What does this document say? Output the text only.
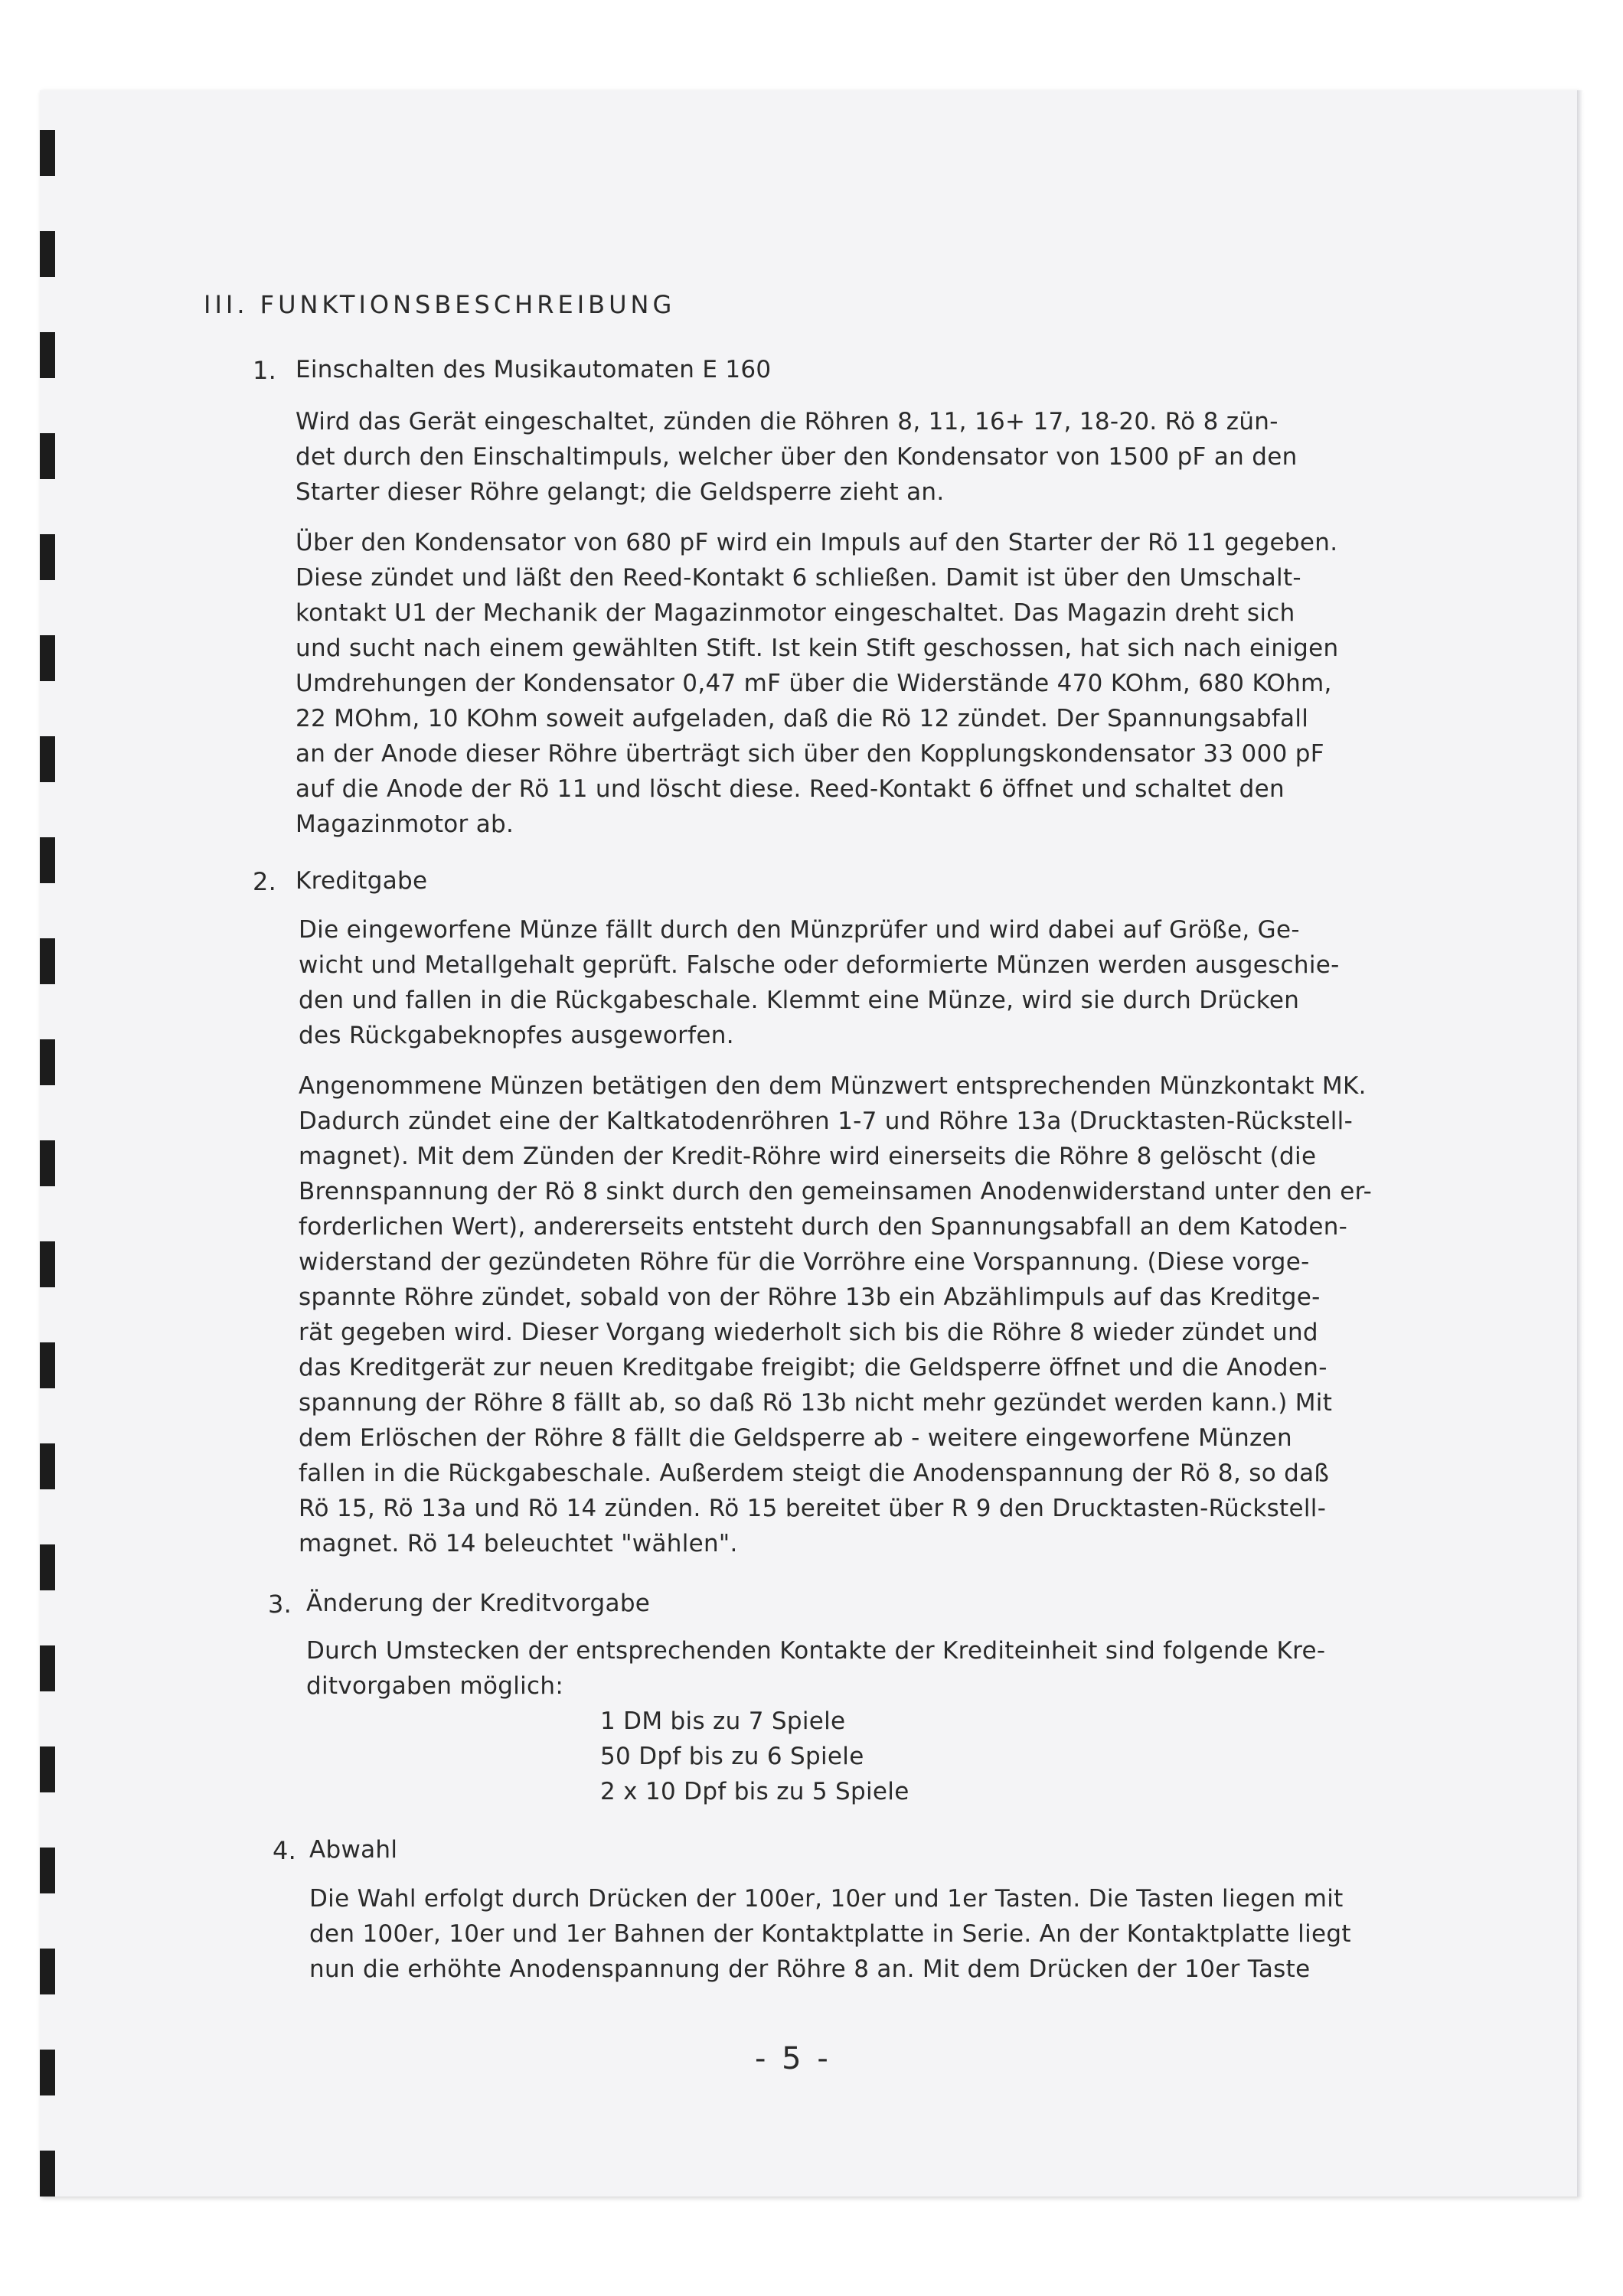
III. FUNKTIONSBESCHREIBUNG
1. Einschalten des Musikautomaten E 160
Wird das Gerät eingeschaltet, zünden die Röhren 8, 11, 16+ 17, 18-20. Rö 8 zün-
det durch den Einschaltimpuls, welcher über den Kondensator von 1500 pF an den
Starter dieser Röhre gelangt; die Geldsperre zieht an.
Über den Kondensator von 680 pF wird ein Impuls auf den Starter der Rö 11 gegeben.
Diese zündet und läßt den Reed-Kontakt 6 schließen. Damit ist über den Umschalt-
kontakt U1 der Mechanik der Magazinmotor eingeschaltet. Das Magazin dreht sich
und sucht nach einem gewählten Stift. Ist kein Stift geschossen, hat sich nach einigen
Umdrehungen der Kondensator 0,47 mF über die Widerstände 470 KOhm, 680 KOhm,
22 MOhm, 10 KOhm soweit aufgeladen, daß die Rö 12 zündet. Der Spannungsabfall
an der Anode dieser Röhre überträgt sich über den Kopplungskondensator 33 000 pF
auf die Anode der Rö 11 und löscht diese. Reed-Kontakt 6 öffnet und schaltet den
Magazinmotor ab.
2. Kreditgabe
Die eingeworfene Münze fällt durch den Münzprüfer und wird dabei auf Größe, Ge-
wicht und Metallgehalt geprüft. Falsche oder deformierte Münzen werden ausgeschie-
den und fallen in die Rückgabeschale. Klemmt eine Münze, wird sie durch Drücken
des Rückgabeknopfes ausgeworfen.
Angenommene Münzen betätigen den dem Münzwert entsprechenden Münzkontakt MK.
Dadurch zündet eine der Kaltkatodenröhren 1-7 und Röhre 13a (Drucktasten-Rückstell-
magnet). Mit dem Zünden der Kredit-Röhre wird einerseits die Röhre 8 gelöscht (die
Brennspannung der Rö 8 sinkt durch den gemeinsamen Anodenwiderstand unter den er-
forderlichen Wert), andererseits entsteht durch den Spannungsabfall an dem Katoden-
widerstand der gezündeten Röhre für die Vorröhre eine Vorspannung. (Diese vorge-
spannte Röhre zündet, sobald von der Röhre 13b ein Abzählimpuls auf das Kreditge-
rät gegeben wird. Dieser Vorgang wiederholt sich bis die Röhre 8 wieder zündet und
das Kreditgerät zur neuen Kreditgabe freigibt; die Geldsperre öffnet und die Anoden-
spannung der Röhre 8 fällt ab, so daß Rö 13b nicht mehr gezündet werden kann.) Mit
dem Erlöschen der Röhre 8 fällt die Geldsperre ab - weitere eingeworfene Münzen
fallen in die Rückgabeschale. Außerdem steigt die Anodenspannung der Rö 8, so daß
Rö 15, Rö 13a und Rö 14 zünden. Rö 15 bereitet über R 9 den Drucktasten-Rückstell-
magnet. Rö 14 beleuchtet "wählen".
3. Änderung der Kreditvorgabe
Durch Umstecken der entsprechenden Kontakte der Krediteinheit sind folgende Kre-
ditvorgaben möglich:
1 DM bis zu 7 Spiele
50 Dpf bis zu 6 Spiele
2 x 10 Dpf bis zu 5 Spiele
4. Abwahl
Die Wahl erfolgt durch Drücken der 100er, 10er und 1er Tasten. Die Tasten liegen mit
den 100er, 10er und 1er Bahnen der Kontaktplatte in Serie. An der Kontaktplatte liegt
nun die erhöhte Anodenspannung der Röhre 8 an. Mit dem Drücken der 10er Taste
- 5 -
